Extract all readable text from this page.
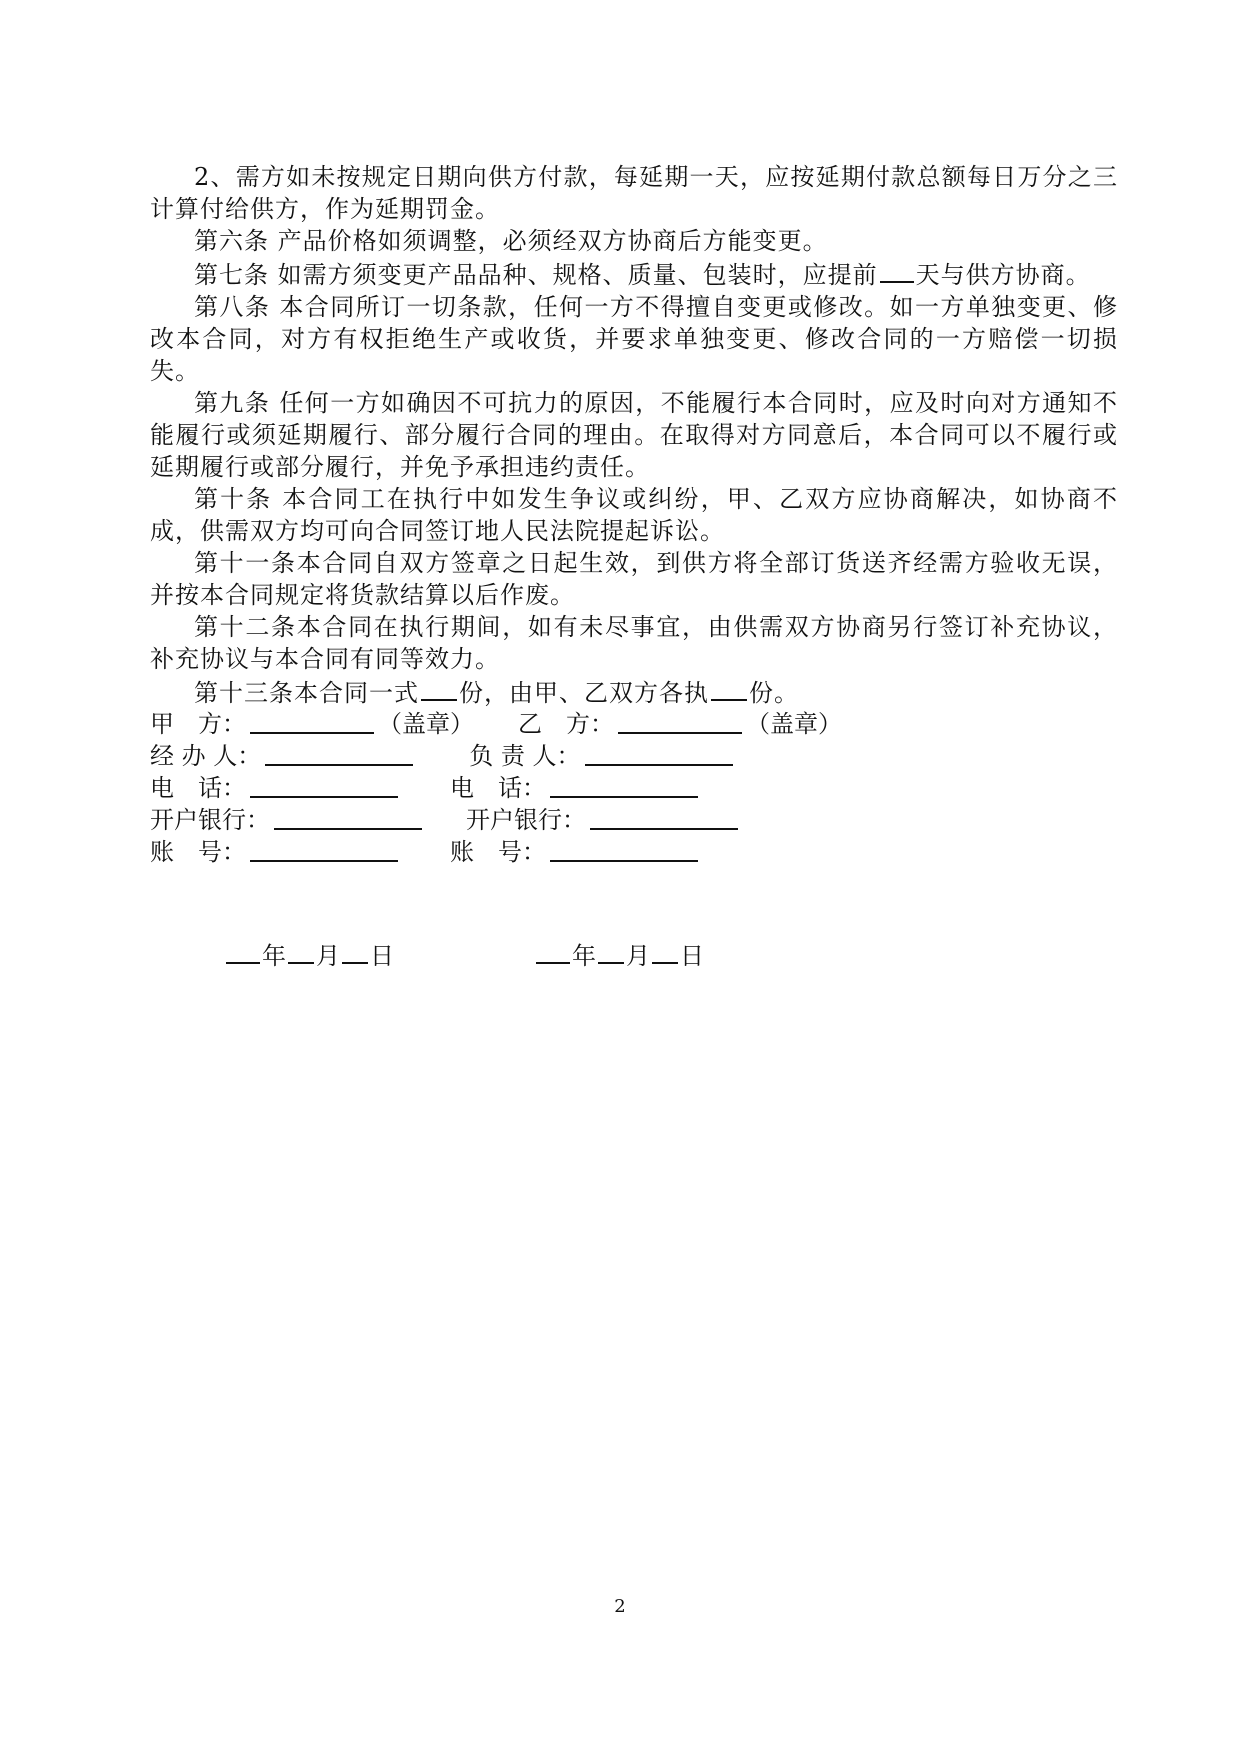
2、需方如未按规定日期向供方付款，每延期一天，应按延期付款总额每日万分之三计算付给供方，作为延期罚金。

第六条 产品价格如须调整，必须经双方协商后方能变更。

第七条 如需方须变更产品品种、规格、质量、包装时，应提前 天与供方协商。

第八条 本合同所订一切条款，任何一方不得擅自变更或修改。如一方单独变更、修改本合同，对方有权拒绝生产或收货，并要求单独变更、修改合同的一方赔偿一切损失。

第九条 任何一方如确因不可抗力的原因，不能履行本合同时，应及时向对方通知不能履行或须延期履行、部分履行合同的理由。在取得对方同意后，本合同可以不履行或延期履行或部分履行，并免予承担违约责任。

第十条 本合同工在执行中如发生争议或纠纷，甲、乙双方应协商解决，如协商不成，供需双方均可向合同签订地人民法院提起诉讼。

第十一条本合同自双方签章之日起生效，到供方将全部订货送齐经需方验收无误，并按本合同规定将货款结算以后作废。

第十二条本合同在执行期间，如有未尽事宜，由供需双方协商另行签订补充协议，补充协议与本合同有同等效力。

第十三条本合同一式 份，由甲、乙双方各执 份。

甲　方：	（盖章） 乙　方：	（盖章）
经 办 人：	负 责 人：
电　话：	电　话：
开户银行：	开户银行：
账　号：	账　号：
年 月 日	年 月 日
2
